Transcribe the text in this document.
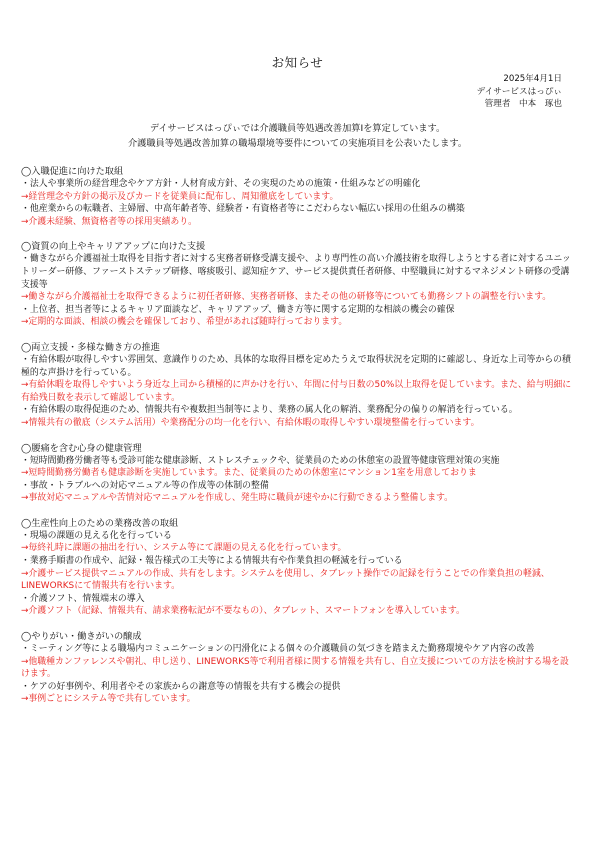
お知らせ
2025年4月1日
デイサービスはっぴぃ
管理者　中本　琢也
デイサービスはっぴぃでは介護職員等処遇改善加算Ⅰを算定しています。
介護職員等処遇改善加算の職場環境等要件についての実施項目を公表いたします。
◯入職促進に向けた取組
・法人や事業所の経営理念やケア方針・人材育成方針、その実現のための施策・仕組みなどの明確化
→経営理念や方針の掲示及びカードを従業員に配布し、周知徹底をしています。
・他産業からの転職者、主婦層、中高年齢者等、経験者・有資格者等にこだわらない幅広い採用の仕組みの構築
→介護未経験、無資格者等の採用実績あり。
◯資質の向上やキャリアアップに向けた支援
・働きながら介護福祉士取得を目指す者に対する実務者研修受講支援や、より専門性の高い介護技術を取得しようとする者に対するユニットリーダー研修、ファーストステップ研修、喀痰吸引、認知症ケア、サービス提供責任者研修、中堅職員に対するマネジメント研修の受講支援等
→働きながら介護福祉士を取得できるように初任者研修、実務者研修、またその他の研修等についても勤務シフトの調整を行います。
・上位者、担当者等によるキャリア面談など、キャリアアップ、働き方等に関する定期的な相談の機会の確保
→定期的な面談、相談の機会を確保しており、希望があれば随時行っております。
◯両立支援・多様な働き方の推進
・有給休暇が取得しやすい雰囲気、意識作りのため、具体的な取得目標を定めたうえで取得状況を定期的に確認し、身近な上司等からの積極的な声掛けを行っている。
→有給休暇を取得しやすいよう身近な上司から積極的に声かけを行い、年間に付与日数の50%以上取得を促しています。また、給与明細に有給残日数を表示して確認しています。
・有給休暇の取得促進のため、情報共有や複数担当制等により、業務の属人化の解消、業務配分の偏りの解消を行っている。
→情報共有の徹底（システム活用）や業務配分の均一化を行い、有給休暇の取得しやすい環境整備を行っています。
◯腰痛を含む心身の健康管理
・短時間勤務労働者等も受診可能な健康診断、ストレスチェックや、従業員のための休憩室の設置等健康管理対策の実施
→短時間勤務労働者も健康診断を実施しています。また、従業員のための休憩室にマンション1室を用意しておりま
・事故・トラブルへの対応マニュアル等の作成等の体制の整備
→事故対応マニュアルや苦情対応マニュアルを作成し、発生時に職員が速やかに行動できるよう整備します。
◯生産性向上のための業務改善の取組
・現場の課題の見える化を行っている
→毎終礼時に課題の抽出を行い、システム等にて課題の見える化を行っています。
・業務手順書の作成や、記録・報告様式の工夫等による情報共有や作業負担の軽減を行っている
→介護サービス提供マニュアルの作成、共有をします。システムを使用し、タブレット操作での記録を行うことでの作業負担の軽減、LINEWORKSにて情報共有を行います。
・介護ソフト、情報端末の導入
→介護ソフト（記録、情報共有、請求業務転記が不要なもの）、タブレット、スマートフォンを導入しています。
◯やりがい・働きがいの醸成
・ミーティング等による職場内コミュニケーションの円滑化による個々の介護職員の気づきを踏まえた勤務環境やケア内容の改善
→他職種カンファレンスや朝礼、申し送り、LINEWORKS等で利用者様に関する情報を共有し、自立支援についての方法を検討する場を設けます。
・ケアの好事例や、利用者やその家族からの謝意等の情報を共有する機会の提供
→事例ごとにシステム等で共有しています。
